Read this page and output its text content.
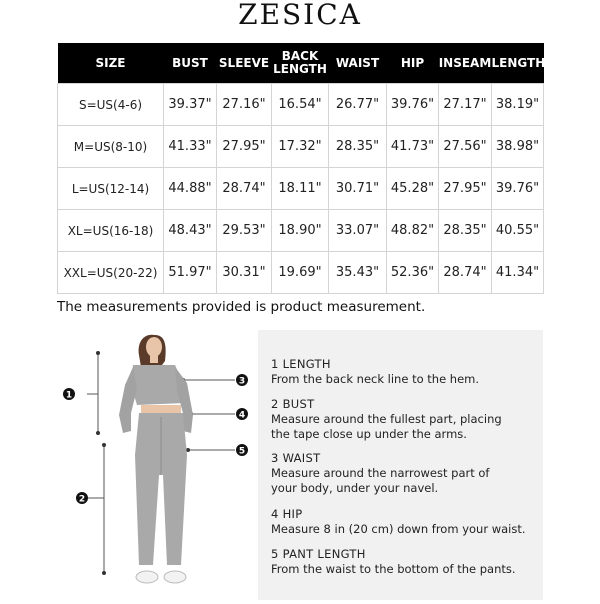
ZESICA
SIZE	BUST	SLEEVE	BACK LENGTH	WAIST	HIP	INSEAM	LENGTH
S=US(4-6)	39.37"	27.16"	16.54"	26.77"	39.76"	27.17"	38.19"
M=US(8-10)	41.33"	27.95"	17.32"	28.35"	41.73"	27.56"	38.98"
L=US(12-14)	44.88"	28.74"	18.11"	30.71"	45.28"	27.95"	39.76"
XL=US(16-18)	48.43"	29.53"	18.90"	33.07"	48.82"	28.35"	40.55"
XXL=US(20-22)	51.97"	30.31"	19.69"	35.43"	52.36"	28.74"	41.34"
The measurements provided is product measurement.
1
2
3
4
5
1 LENGTH
From the back neck line to the hem.
2 BUST
Measure around the fullest part, placing
the tape close up under the arms.
3 WAIST
Measure around the narrowest part of
your body, under your navel.
4 HIP
Measure 8 in (20 cm) down from your waist.
5 PANT LENGTH
From the waist to the bottom of the pants.
